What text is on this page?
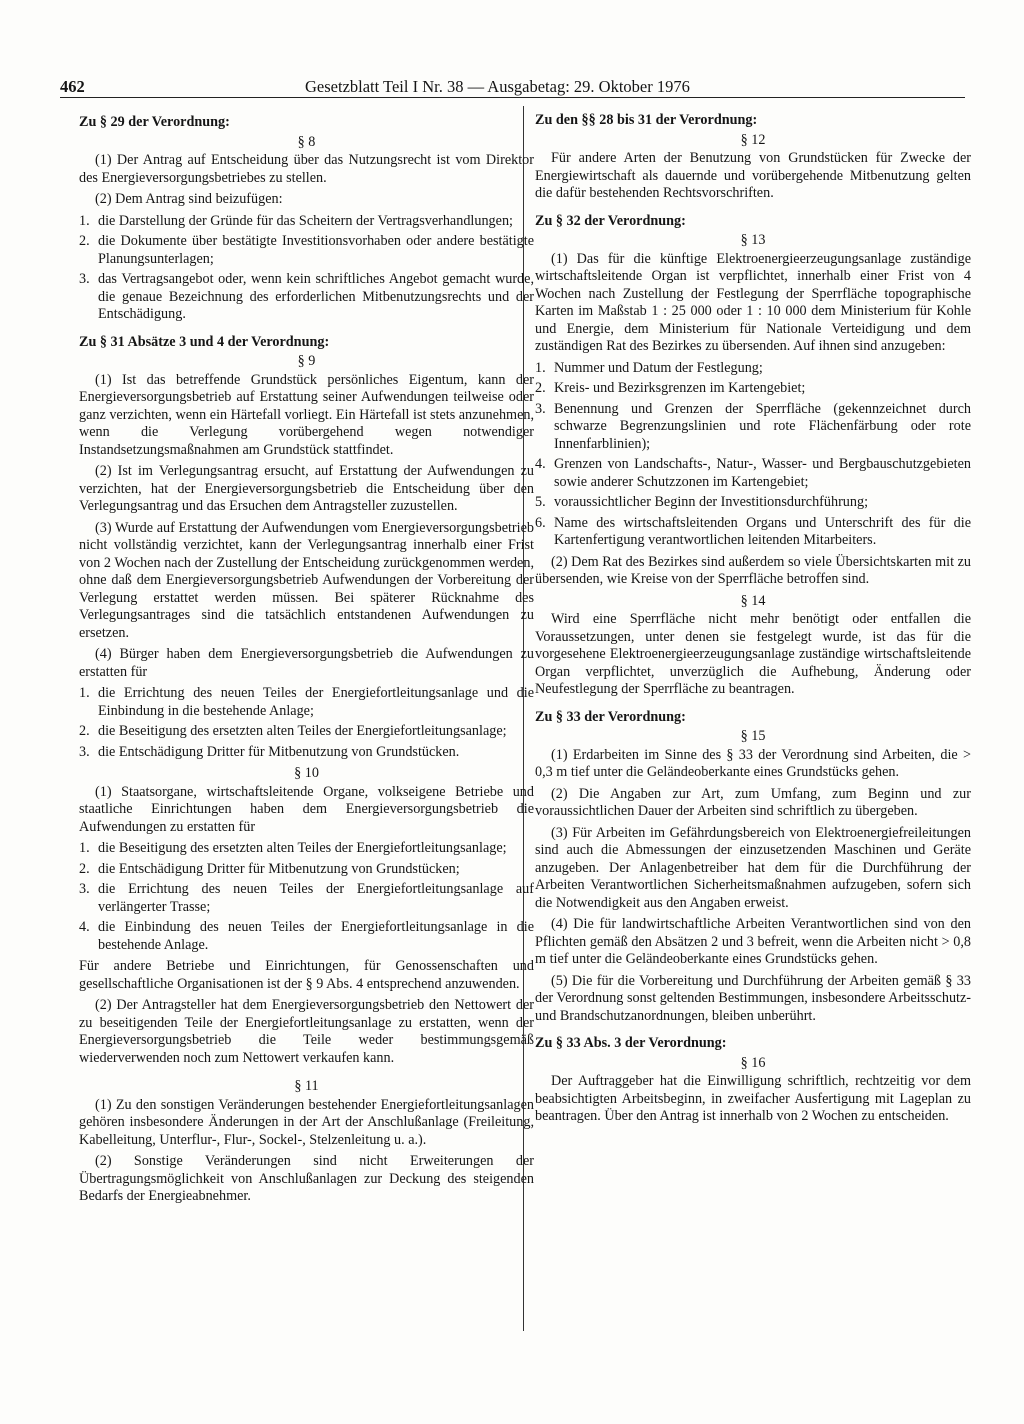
462	Gesetzblatt Teil I Nr. 38 — Ausgabetag: 29. Oktober 1976
Zu § 29 der Verordnung:
§ 8

(1) Der Antrag auf Entscheidung über das Nutzungsrecht ist vom Direktor des Energieversorgungsbetriebes zu stellen.

(2) Dem Antrag sind beizufügen:

1. die Darstellung der Gründe für das Scheitern der Vertragsverhandlungen;
2. die Dokumente über bestätigte Investitionsvorhaben oder andere bestätigte Planungsunterlagen;
3. das Vertragsangebot oder, wenn kein schriftliches Angebot gemacht wurde, die genaue Bezeichnung des erforderlichen Mitbenutzungsrechts und der Entschädigung.
Zu § 31 Absätze 3 und 4 der Verordnung:
§ 9

(1) Ist das betreffende Grundstück persönliches Eigentum, kann der Energieversorgungsbetrieb auf Erstattung seiner Aufwendungen teilweise oder ganz verzichten, wenn ein Härtefall vorliegt. Ein Härtefall ist stets anzunehmen, wenn die Verlegung vorübergehend wegen notwendiger Instandsetzungsmaßnahmen am Grundstück stattfindet.

(2) Ist im Verlegungsantrag ersucht, auf Erstattung der Aufwendungen zu verzichten, hat der Energieversorgungsbetrieb die Entscheidung über den Verlegungsantrag und das Ersuchen dem Antragsteller zuzustellen.

(3) Wurde auf Erstattung der Aufwendungen vom Energieversorgungsbetrieb nicht vollständig verzichtet, kann der Verlegungsantrag innerhalb einer Frist von 2 Wochen nach der Zustellung der Entscheidung zurückgenommen werden, ohne daß dem Energieversorgungsbetrieb Aufwendungen der Vorbereitung der Verlegung erstattet werden müssen. Bei späterer Rücknahme des Verlegungsantrages sind die tatsächlich entstandenen Aufwendungen zu ersetzen.

(4) Bürger haben dem Energieversorgungsbetrieb die Aufwendungen zu erstatten für

1. die Errichtung des neuen Teiles der Energiefortleitungsanlage und die Einbindung in die bestehende Anlage;
2. die Beseitigung des ersetzten alten Teiles der Energiefortleitungsanlage;
3. die Entschädigung Dritter für Mitbenutzung von Grundstücken.
§ 10

(1) Staatsorgane, wirtschaftsleitende Organe, volkseigene Betriebe und staatliche Einrichtungen haben dem Energieversorgungsbetrieb die Aufwendungen zu erstatten für

1. die Beseitigung des ersetzten alten Teiles der Energiefortleitungsanlage;
2. die Entschädigung Dritter für Mitbenutzung von Grundstücken;
3. die Errichtung des neuen Teiles der Energiefortleitungsanlage auf verlängerter Trasse;
4. die Einbindung des neuen Teiles der Energiefortleitungsanlage in die bestehende Anlage.

Für andere Betriebe und Einrichtungen, für Genossenschaften und gesellschaftliche Organisationen ist der § 9 Abs. 4 entsprechend anzuwenden.

(2) Der Antragsteller hat dem Energieversorgungsbetrieb den Nettowert der zu beseitigenden Teile der Energiefortleitungsanlage zu erstatten, wenn der Energieversorgungsbetrieb die Teile weder bestimmungsgemäß wiederverwenden noch zum Nettowert verkaufen kann.

§ 11

(1) Zu den sonstigen Veränderungen bestehender Energiefortleitungsanlagen gehören insbesondere Änderungen in der Art der Anschlußanlage (Freileitung, Kabelleitung, Unterflur-, Flur-, Sockel-, Stelzenleitung u. a.).

(2) Sonstige Veränderungen sind nicht Erweiterungen der Übertragungsmöglichkeit von Anschlußanlagen zur Deckung des steigenden Bedarfs der Energieabnehmer.

Zu den §§ 28 bis 31 der Verordnung:
§ 12

Für andere Arten der Benutzung von Grundstücken für Zwecke der Energiewirtschaft als dauernde und vorübergehende Mitbenutzung gelten die dafür bestehenden Rechtsvorschriften.

Zu § 32 der Verordnung:
§ 13

(1) Das für die künftige Elektroenergieerzeugungsanlage zuständige wirtschaftsleitende Organ ist verpflichtet, innerhalb einer Frist von 4 Wochen nach Zustellung der Festlegung der Sperrfläche topographische Karten im Maßstab 1 : 25 000 oder 1 : 10 000 dem Ministerium für Kohle und Energie, dem Ministerium für Nationale Verteidigung und dem zuständigen Rat des Bezirkes zu übersenden. Auf ihnen sind anzugeben:

1. Nummer und Datum der Festlegung;
2. Kreis- und Bezirksgrenzen im Kartengebiet;
3. Benennung und Grenzen der Sperrfläche (gekennzeichnet durch schwarze Begrenzungslinien und rote Flächenfärbung oder rote Innenfarblinien);
4. Grenzen von Landschafts-, Natur-, Wasser- und Bergbauschutzgebieten sowie anderer Schutzzonen im Kartengebiet;
5. voraussichtlicher Beginn der Investitionsdurchführung;
6. Name des wirtschaftsleitenden Organs und Unterschrift des für die Kartenfertigung verantwortlichen leitenden Mitarbeiters.

(2) Dem Rat des Bezirkes sind außerdem so viele Übersichtskarten mit zu übersenden, wie Kreise von der Sperrfläche betroffen sind.

§ 14

Wird eine Sperrfläche nicht mehr benötigt oder entfallen die Voraussetzungen, unter denen sie festgelegt wurde, ist das für die vorgesehene Elektroenergieerzeugungsanlage zuständige wirtschaftsleitende Organ verpflichtet, unverzüglich die Aufhebung, Änderung oder Neufestlegung der Sperrfläche zu beantragen.

Zu § 33 der Verordnung:
§ 15

(1) Erdarbeiten im Sinne des § 33 der Verordnung sind Arbeiten, die > 0,3 m tief unter die Geländeoberkante eines Grundstücks gehen.

(2) Die Angaben zur Art, zum Umfang, zum Beginn und zur voraussichtlichen Dauer der Arbeiten sind schriftlich zu übergeben.

(3) Für Arbeiten im Gefährdungsbereich von Elektroenergiefreileitungen sind auch die Abmessungen der einzusetzenden Maschinen und Geräte anzugeben. Der Anlagenbetreiber hat dem für die Durchführung der Arbeiten Verantwortlichen Sicherheitsmaßnahmen aufzugeben, sofern sich die Notwendigkeit aus den Angaben erweist.

(4) Die für landwirtschaftliche Arbeiten Verantwortlichen sind von den Pflichten gemäß den Absätzen 2 und 3 befreit, wenn die Arbeiten nicht > 0,8 m tief unter die Geländeoberkante eines Grundstücks gehen.

(5) Die für die Vorbereitung und Durchführung der Arbeiten gemäß § 33 der Verordnung sonst geltenden Bestimmungen, insbesondere Arbeitsschutz- und Brandschutzanordnungen, bleiben unberührt.

Zu § 33 Abs. 3 der Verordnung:
§ 16

Der Auftraggeber hat die Einwilligung schriftlich, rechtzeitig vor dem beabsichtigten Arbeitsbeginn, in zweifacher Ausfertigung mit Lageplan zu beantragen. Über den Antrag ist innerhalb von 2 Wochen zu entscheiden.
